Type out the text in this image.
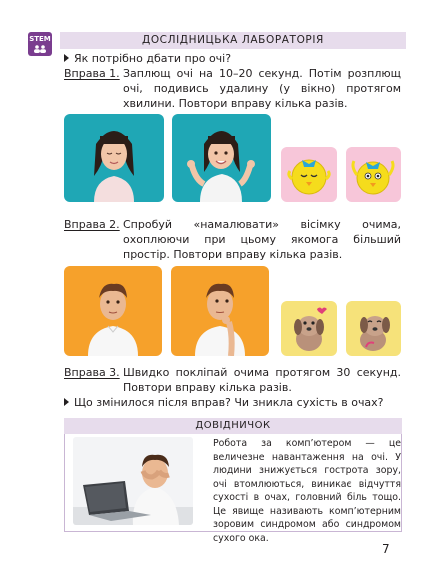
STEM	ДОСЛІДНИЦЬКА ЛАБОРАТОРІЯ
Як потрібно дбати про очі?
Вправа 1. Заплющ очі на 10–20 секунд. Потім розплющ очі, подивись удалину (у вікно) протягом хвилини. Повтори вправу кілька разів.
Вправа 2. Спробуй «намалювати» вісімку очима, охоплюючи при цьому якомога більший простір. Повтори вправу кілька разів.
Вправа 3. Швидко покліпай очима протягом 30 секунд. Повтори вправу кілька разів.
Що змінилося після вправ? Чи зникла сухість в очах?
ДОВІДНИЧОК
Робота за комп’ютером — це величезне навантаження на очі. У людини знижується гострота зору, очі втомлюються, виникає відчуття сухості в очах, головний біль тощо. Це явище називають комп’ютерним зоровим синдромом або синдромом сухого ока.
7
